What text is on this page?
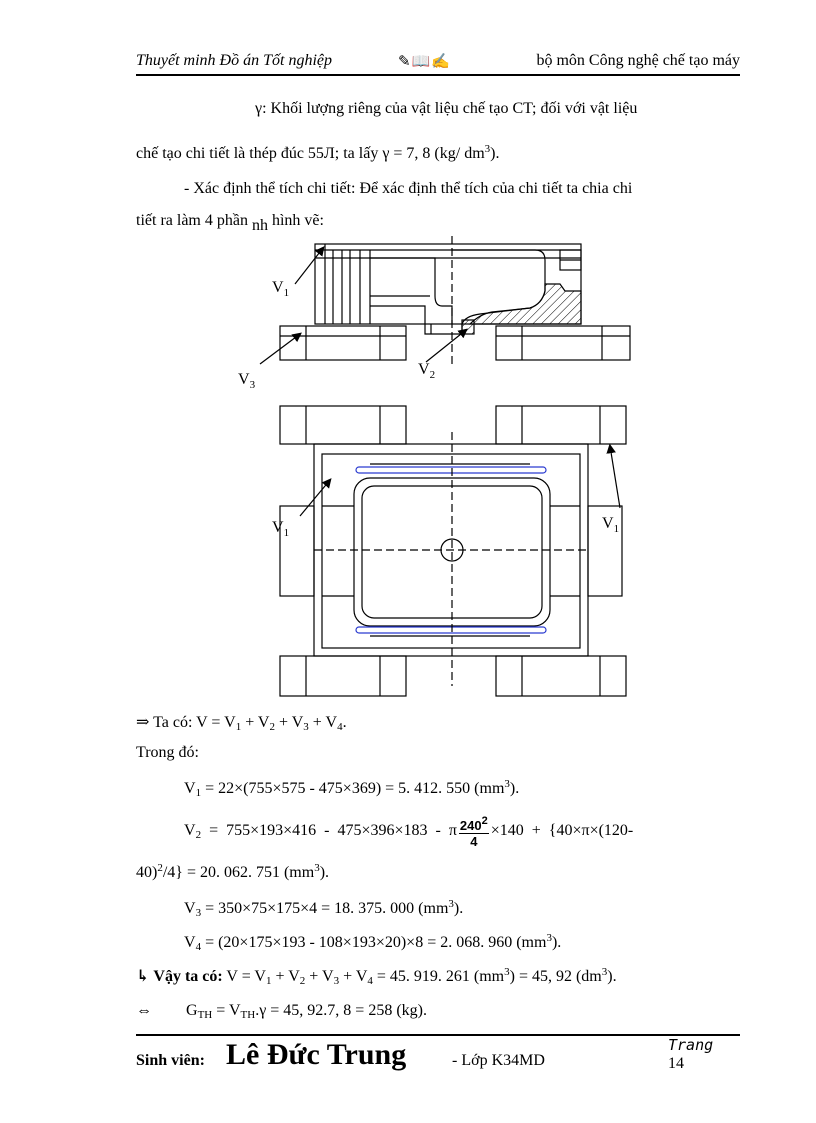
Thuyết minh Đồ án Tốt nghiệp	✎📖✍	bộ môn Công nghệ chế tạo máy
γ: Khối lượng riêng của vật liệu chế tạo CT; đối với vật liệu
chế tạo chi tiết là thép đúc 55Л; ta lấy γ = 7, 8 (kg/ $dm^3$).
- Xác định thể tích chi tiết: Để xác định thể tích của chi tiết ta chia chi
tiết ra làm 4 phần nh hình vẽ:
$V_1$
$V_3$
$V_2$
$V_1$
$V_1$
⇒ Ta có: $V = V_1 + V_2 + V_3 + V_4$.
Trong đó:
$V_1 = 22\times(755\times 575 - 475\times 369) = 5$. 412. 550 $(mm^3)$.
$V_2 = 755\times 193\times 416 - 475\times 396\times 183 - \pi \frac{240^2}{4} \times 140 + \{40\times\pi\times(120-$
40)$^2$/4} = 20. 062. 751 $(mm^3)$.
$V_3 = 350\times 75\times 175\times 4 = 18$. 375. 000 $(mm^3)$.
$V_4 = (20\times 175\times 193 - 108\times 193\times 20)\times 8 = 2$. 068. 960 $(mm^3)$.
↳ Vậy ta có: $V = V_1 + V_2 + V_3 + V_4 = 45$. 919. 261 $(mm^3) = 45$, 92 $(dm^3)$.
⇔ $G_{TH} = V_{TH}.\gamma = 45$, 92.7, 8 = 258 (kg).
Sinh viên: Lê Đức Trung	- Lớp K34MD
Trang
14
